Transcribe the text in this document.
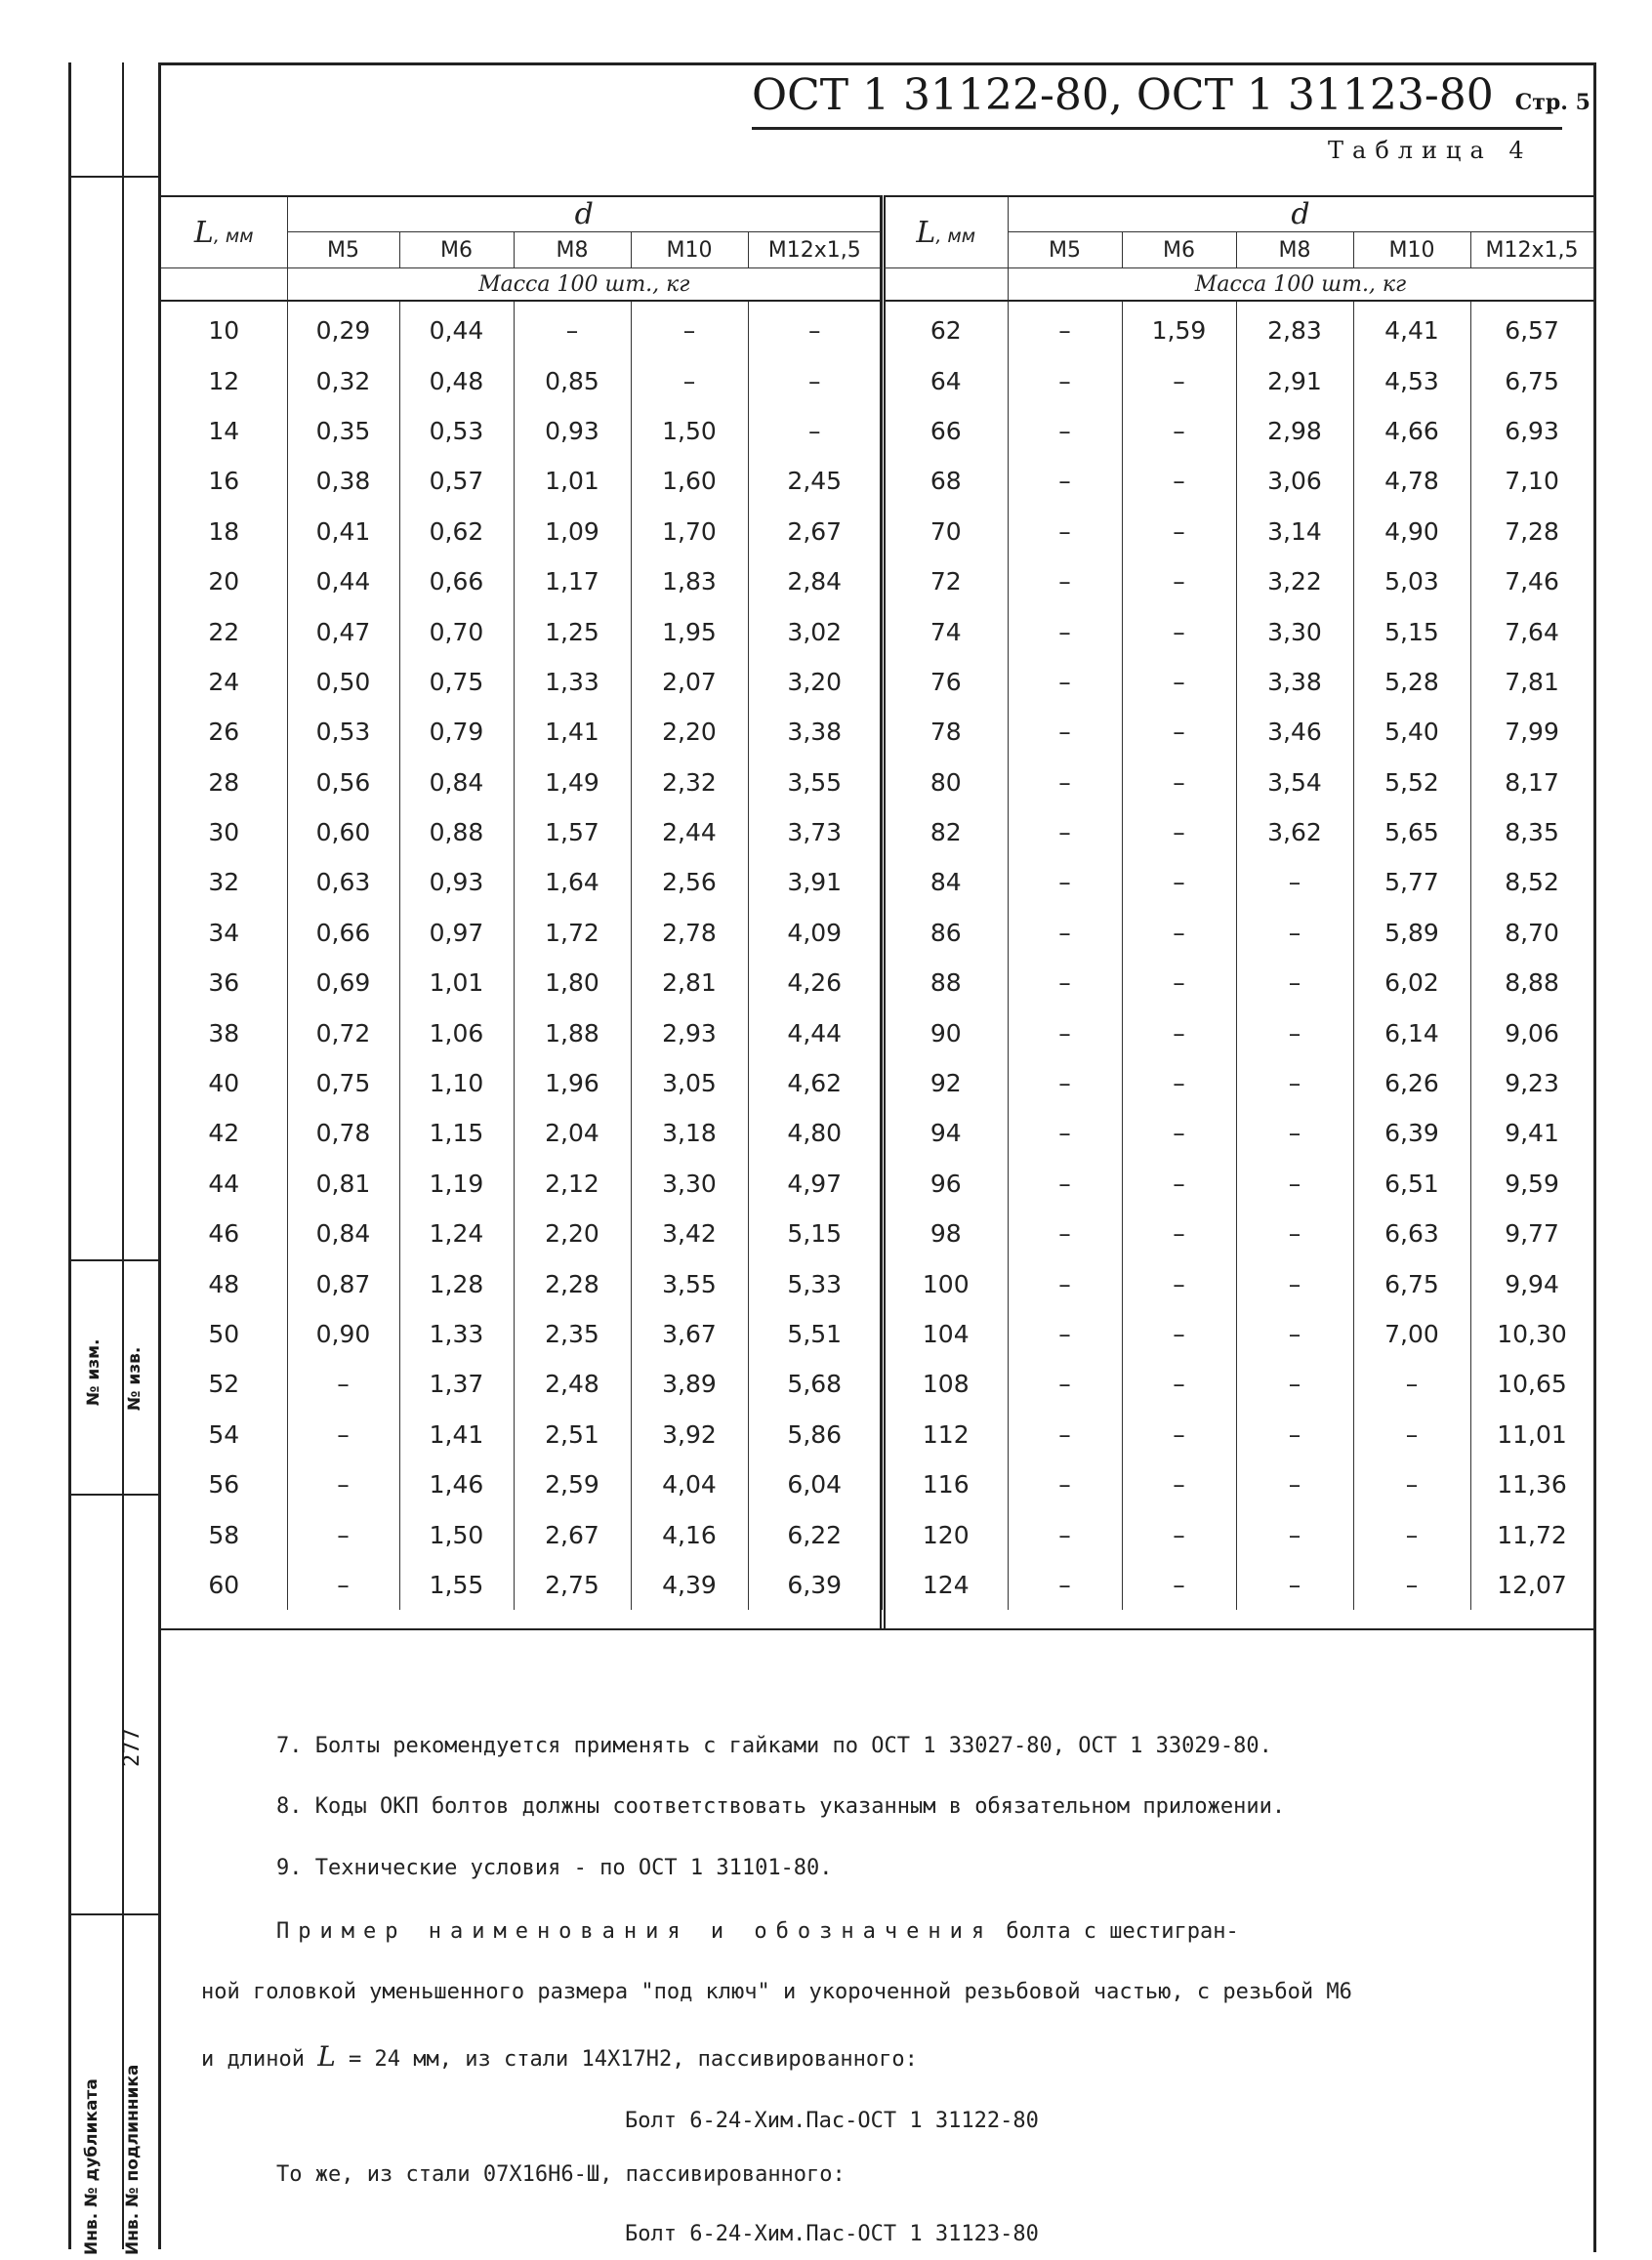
№ изм. № изв.
277
Инв. № дубликата Инв. № подлинника
ОСТ 1 31122-80, ОСТ 1 31123-80 Стр. 5
Таблица 4
L, мм	d				
	M5	M6	M8	M10	M12x1,5
	Масса 100 шт., кг				
10	0,29	0,44	–	–	–
12	0,32	0,48	0,85	–	–
14	0,35	0,53	0,93	1,50	–
16	0,38	0,57	1,01	1,60	2,45
18	0,41	0,62	1,09	1,70	2,67
20	0,44	0,66	1,17	1,83	2,84
22	0,47	0,70	1,25	1,95	3,02
24	0,50	0,75	1,33	2,07	3,20
26	0,53	0,79	1,41	2,20	3,38
28	0,56	0,84	1,49	2,32	3,55
30	0,60	0,88	1,57	2,44	3,73
32	0,63	0,93	1,64	2,56	3,91
34	0,66	0,97	1,72	2,78	4,09
36	0,69	1,01	1,80	2,81	4,26
38	0,72	1,06	1,88	2,93	4,44
40	0,75	1,10	1,96	3,05	4,62
42	0,78	1,15	2,04	3,18	4,80
44	0,81	1,19	2,12	3,30	4,97
46	0,84	1,24	2,20	3,42	5,15
48	0,87	1,28	2,28	3,55	5,33
50	0,90	1,33	2,35	3,67	5,51
52	–	1,37	2,48	3,89	5,68
54	–	1,41	2,51	3,92	5,86
56	–	1,46	2,59	4,04	6,04
58	–	1,50	2,67	4,16	6,22
60	–	1,55	2,75	4,39	6,39
L, мм	d				
	M5	M6	M8	M10	M12x1,5
	Масса 100 шт., кг				
62	–	1,59	2,83	4,41	6,57
64	–	–	2,91	4,53	6,75
66	–	–	2,98	4,66	6,93
68	–	–	3,06	4,78	7,10
70	–	–	3,14	4,90	7,28
72	–	–	3,22	5,03	7,46
74	–	–	3,30	5,15	7,64
76	–	–	3,38	5,28	7,81
78	–	–	3,46	5,40	7,99
80	–	–	3,54	5,52	8,17
82	–	–	3,62	5,65	8,35
84	–	–	–	5,77	8,52
86	–	–	–	5,89	8,70
88	–	–	–	6,02	8,88
90	–	–	–	6,14	9,06
92	–	–	–	6,26	9,23
94	–	–	–	6,39	9,41
96	–	–	–	6,51	9,59
98	–	–	–	6,63	9,77
100	–	–	–	6,75	9,94
104	–	–	–	7,00	10,30
108	–	–	–	–	10,65
112	–	–	–	–	11,01
116	–	–	–	–	11,36
120	–	–	–	–	11,72
124	–	–	–	–	12,07
7. Болты рекомендуется применять с гайками по ОСТ 1 33027-80, ОСТ 1 33029-80.
8. Коды ОКП болтов должны соответствовать указанным в обязательном приложении.
9. Технические условия - по ОСТ 1 31101-80.
Пример наименования и обозначения болта с шестигран-
ной головкой уменьшенного размера "под ключ" и укороченной резьбовой частью, с резьбой М6
и длиной L = 24 мм, из стали 14Х17Н2, пассивированного:
Болт 6-24-Хим.Пас-ОСТ 1 31122-80
То же, из стали 07Х16Н6-Ш, пассивированного:
Болт 6-24-Хим.Пас-ОСТ 1 31123-80
